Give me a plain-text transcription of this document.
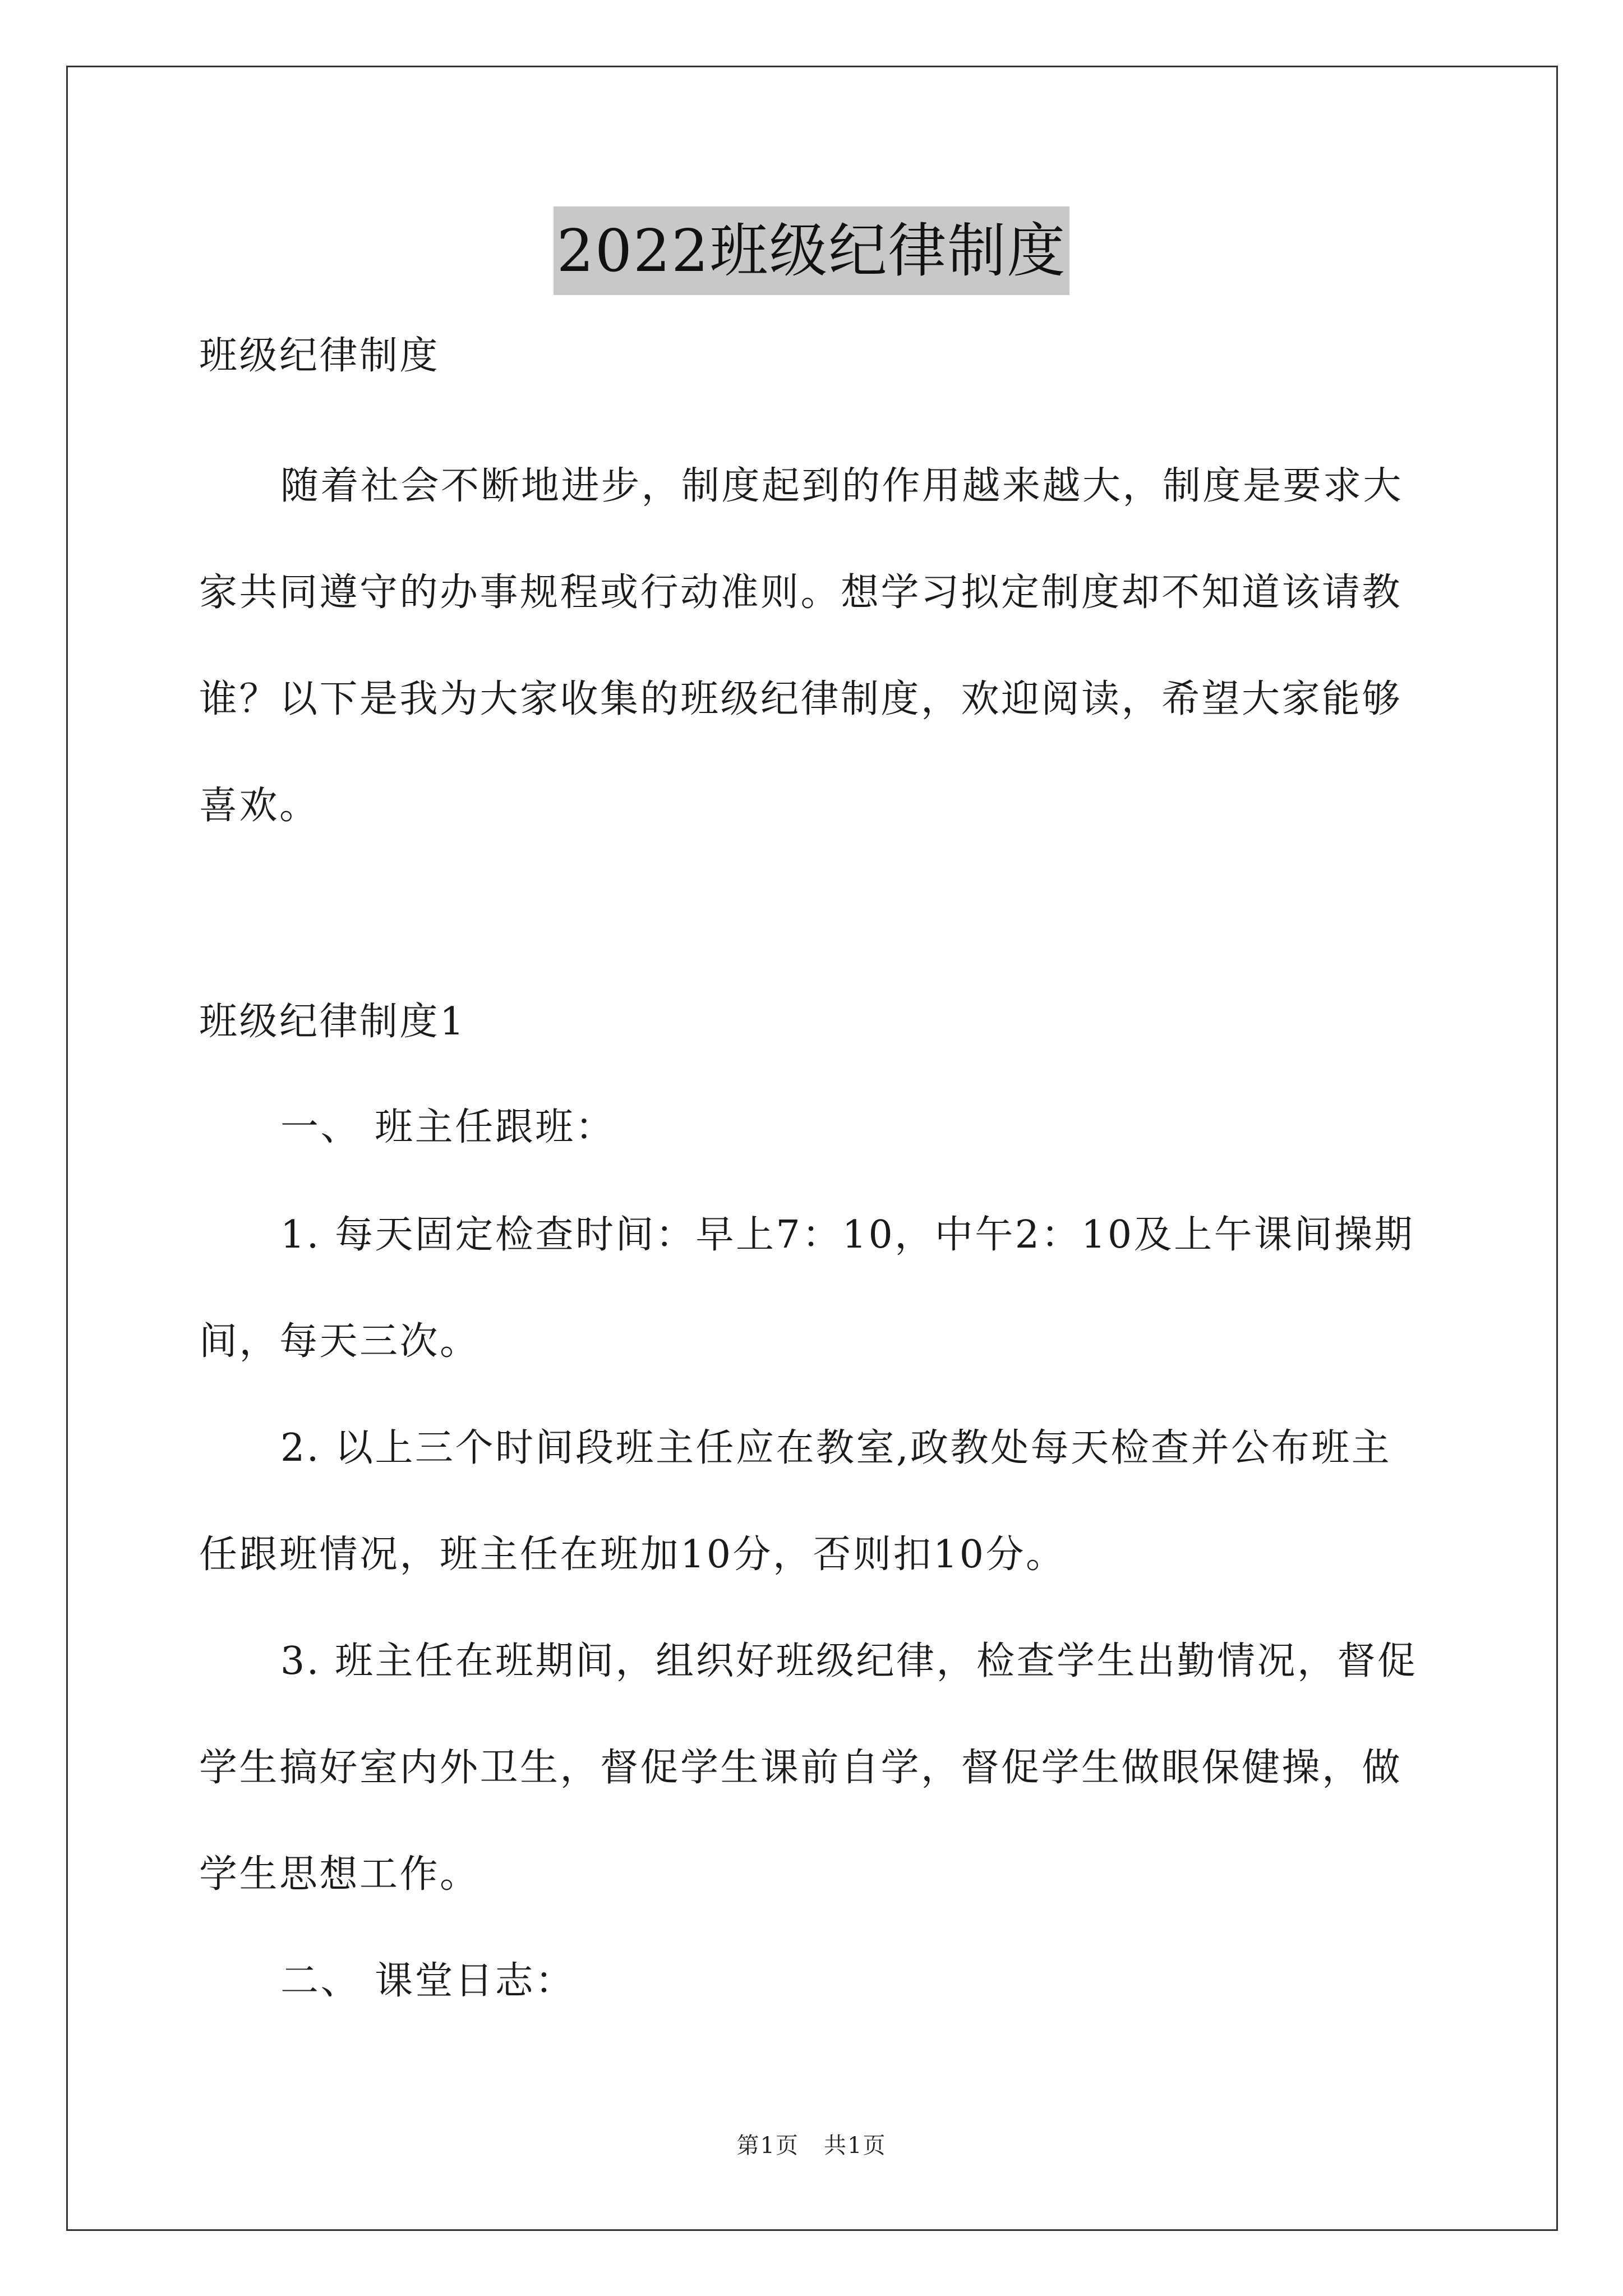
2022班级纪律制度
班级纪律制度
随着社会不断地进步，制度起到的作用越来越大，制度是要求大
家共同遵守的办事规程或行动准则。想学习拟定制度却不知道该请教
谁？以下是我为大家收集的班级纪律制度，欢迎阅读，希望大家能够
喜欢。
班级纪律制度1
一、 班主任跟班：
1. 每天固定检查时间：早上7：10，中午2：10及上午课间操期
间，每天三次。
2. 以上三个时间段班主任应在教室,政教处每天检查并公布班主
任跟班情况，班主任在班加10分，否则扣10分。
3. 班主任在班期间，组织好班级纪律，检查学生出勤情况，督促
学生搞好室内外卫生，督促学生课前自学，督促学生做眼保健操，做
学生思想工作。
二、 课堂日志：
第1页 共1页
